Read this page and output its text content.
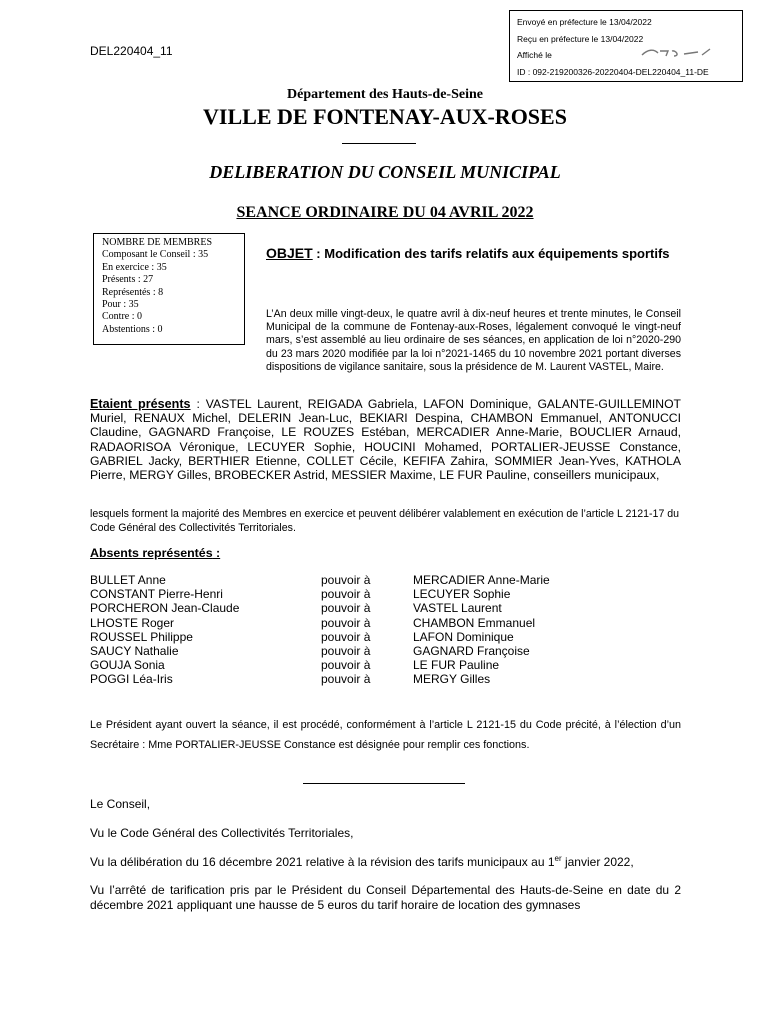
DEL220404_11
Envoyé en préfecture le 13/04/2022
Reçu en préfecture le 13/04/2022
Affiché le
ID : 092-219200326-20220404-DEL220404_11-DE
Département des Hauts-de-Seine
VILLE DE FONTENAY-AUX-ROSES
DELIBERATION DU CONSEIL MUNICIPAL
SEANCE ORDINAIRE DU 04 AVRIL 2022
NOMBRE DE MEMBRES
Composant le Conseil : 35
En exercice : 35
Présents : 27
Représentés : 8
Pour : 35
Contre : 0
Abstentions : 0
OBJET : Modification des tarifs relatifs aux équipements sportifs
L’An deux mille vingt-deux, le quatre avril à dix-neuf heures et trente minutes, le Conseil Municipal de la commune de Fontenay-aux-Roses, légalement convoqué le vingt-neuf mars, s’est assemblé au lieu ordinaire de ses séances, en application de loi n°2020-290 du 23 mars 2020 modifiée par la loi n°2021-1465 du 10 novembre 2021 portant diverses dispositions de vigilance sanitaire, sous la présidence de M. Laurent VASTEL, Maire.
Etaient présents : VASTEL Laurent, REIGADA Gabriela, LAFON Dominique, GALANTE-GUILLEMINOT Muriel, RENAUX Michel, DELERIN Jean-Luc, BEKIARI Despina, CHAMBON Emmanuel, ANTONUCCI Claudine, GAGNARD Françoise, LE ROUZES Estéban, MERCADIER Anne-Marie, BOUCLIER Arnaud, RADAORISOA Véronique, LECUYER Sophie, HOUCINI Mohamed, PORTALIER-JEUSSE Constance, GABRIEL Jacky, BERTHIER Etienne, COLLET Cécile, KEFIFA Zahira, SOMMIER Jean-Yves, KATHOLA Pierre, MERGY Gilles, BROBECKER Astrid, MESSIER Maxime, LE FUR Pauline, conseillers municipaux,
lesquels forment la majorité des Membres en exercice et peuvent délibérer valablement en exécution de l’article L 2121-17 du Code Général des Collectivités Territoriales.
Absents représentés :
BULLET Anne	pouvoir à	MERCADIER Anne-Marie
CONSTANT Pierre-Henri	pouvoir à	LECUYER Sophie
PORCHERON Jean-Claude	pouvoir à	VASTEL Laurent
LHOSTE Roger	pouvoir à	CHAMBON Emmanuel
ROUSSEL Philippe	pouvoir à	LAFON Dominique
SAUCY Nathalie	pouvoir à	GAGNARD Françoise
GOUJA Sonia	pouvoir à	LE FUR Pauline
POGGI Léa-Iris	pouvoir à	MERGY Gilles
Le Président ayant ouvert la séance, il est procédé, conformément à l’article L 2121-15 du Code précité, à l’élection d’un Secrétaire : Mme PORTALIER-JEUSSE Constance est désignée pour remplir ces fonctions.
Le Conseil,
Vu le Code Général des Collectivités Territoriales,
Vu la délibération du 16 décembre 2021 relative à la révision des tarifs municipaux au 1er janvier 2022,
Vu l’arrêté de tarification pris par le Président du Conseil Départemental des Hauts-de-Seine en date du 2 décembre 2021 appliquant une hausse de 5 euros du tarif horaire de location des gymnases
